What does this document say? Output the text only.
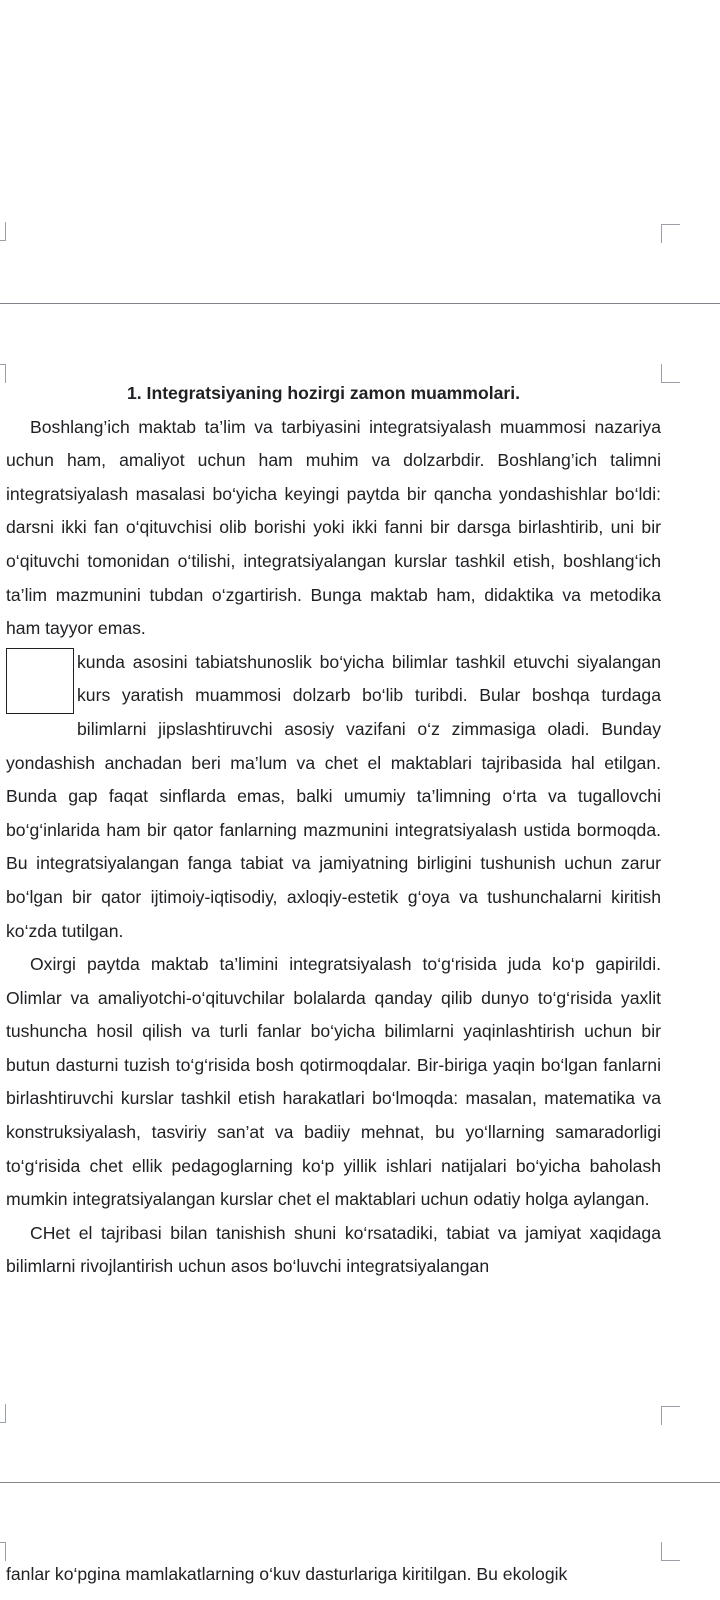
1. Integratsiyaning hozirgi zamon muammolari.

Boshlang’ich maktab ta’lim va tarbiyasini integratsiyalash muammosi nazariya uchun ham, amaliyot uchun ham muhim va dolzarbdir. Boshlang’ich talimni integratsiyalash masalasi bo‘yicha keyingi paytda bir qancha yondashishlar bo‘ldi: darsni ikki fan o‘qituvchisi olib borishi yoki ikki fanni bir darsga birlashtirib, uni bir o‘qituvchi tomonidan o‘tilishi, integratsiyalangan kurslar tashkil etish, boshlang‘ich ta’lim mazmunini tubdan o‘zgartirish. Bunga maktab ham, didaktika va metodika ham tayyor emas.

kunda asosini tabiatshunoslik bo‘yicha bilimlar tashkil etuvchi siyalangan kurs yaratish muammosi dolzarb bo‘lib turibdi. Bular boshqa turdaga bilimlarni jipslashtiruvchi asosiy vazifani o‘z zimmasiga oladi. Bunday yondashish anchadan beri ma’lum va chet el maktablari tajribasida hal etilgan. Bunda gap faqat sinflarda emas, balki umumiy ta’limning o‘rta va tugallovchi bo‘g‘inlarida ham bir qator fanlarning mazmunini integratsiyalash ustida bormoqda. Bu integratsiyalangan fanga tabiat va jamiyatning birligini tushunish uchun zarur bo‘lgan bir qator ijtimoiy-iqtisodiy, axloqiy-estetik g‘oya va tushunchalarni kiritish ko‘zda tutilgan.

Oxirgi paytda maktab ta’limini integratsiyalash to‘g‘risida juda ko‘p gapirildi. Olimlar va amaliyotchi-o‘qituvchilar bolalarda qanday qilib dunyo to‘g‘risida yaxlit tushuncha hosil qilish va turli fanlar bo‘yicha bilimlarni yaqinlashtirish uchun bir butun dasturni tuzish to‘g‘risida bosh qotirmoqdalar. Bir-biriga yaqin bo‘lgan fanlarni birlashtiruvchi kurslar tashkil etish harakatlari bo‘lmoqda: masalan, matematika va konstruksiyalash, tasviriy san’at va badiiy mehnat, bu yo‘llarning samaradorligi to‘g‘risida chet ellik pedagoglarning ko‘p yillik ishlari natijalari bo‘yicha baholash mumkin integratsiyalangan kurslar chet el maktablari uchun odatiy holga aylangan.

CHet el tajribasi bilan tanishish shuni ko‘rsatadiki, tabiat va jamiyat xaqidaga bilimlarni rivojlantirish uchun asos bo‘luvchi integratsiyalangan

fanlar ko‘pgina mamlakatlarning o‘kuv dasturlariga kiritilgan. Bu ekologik
